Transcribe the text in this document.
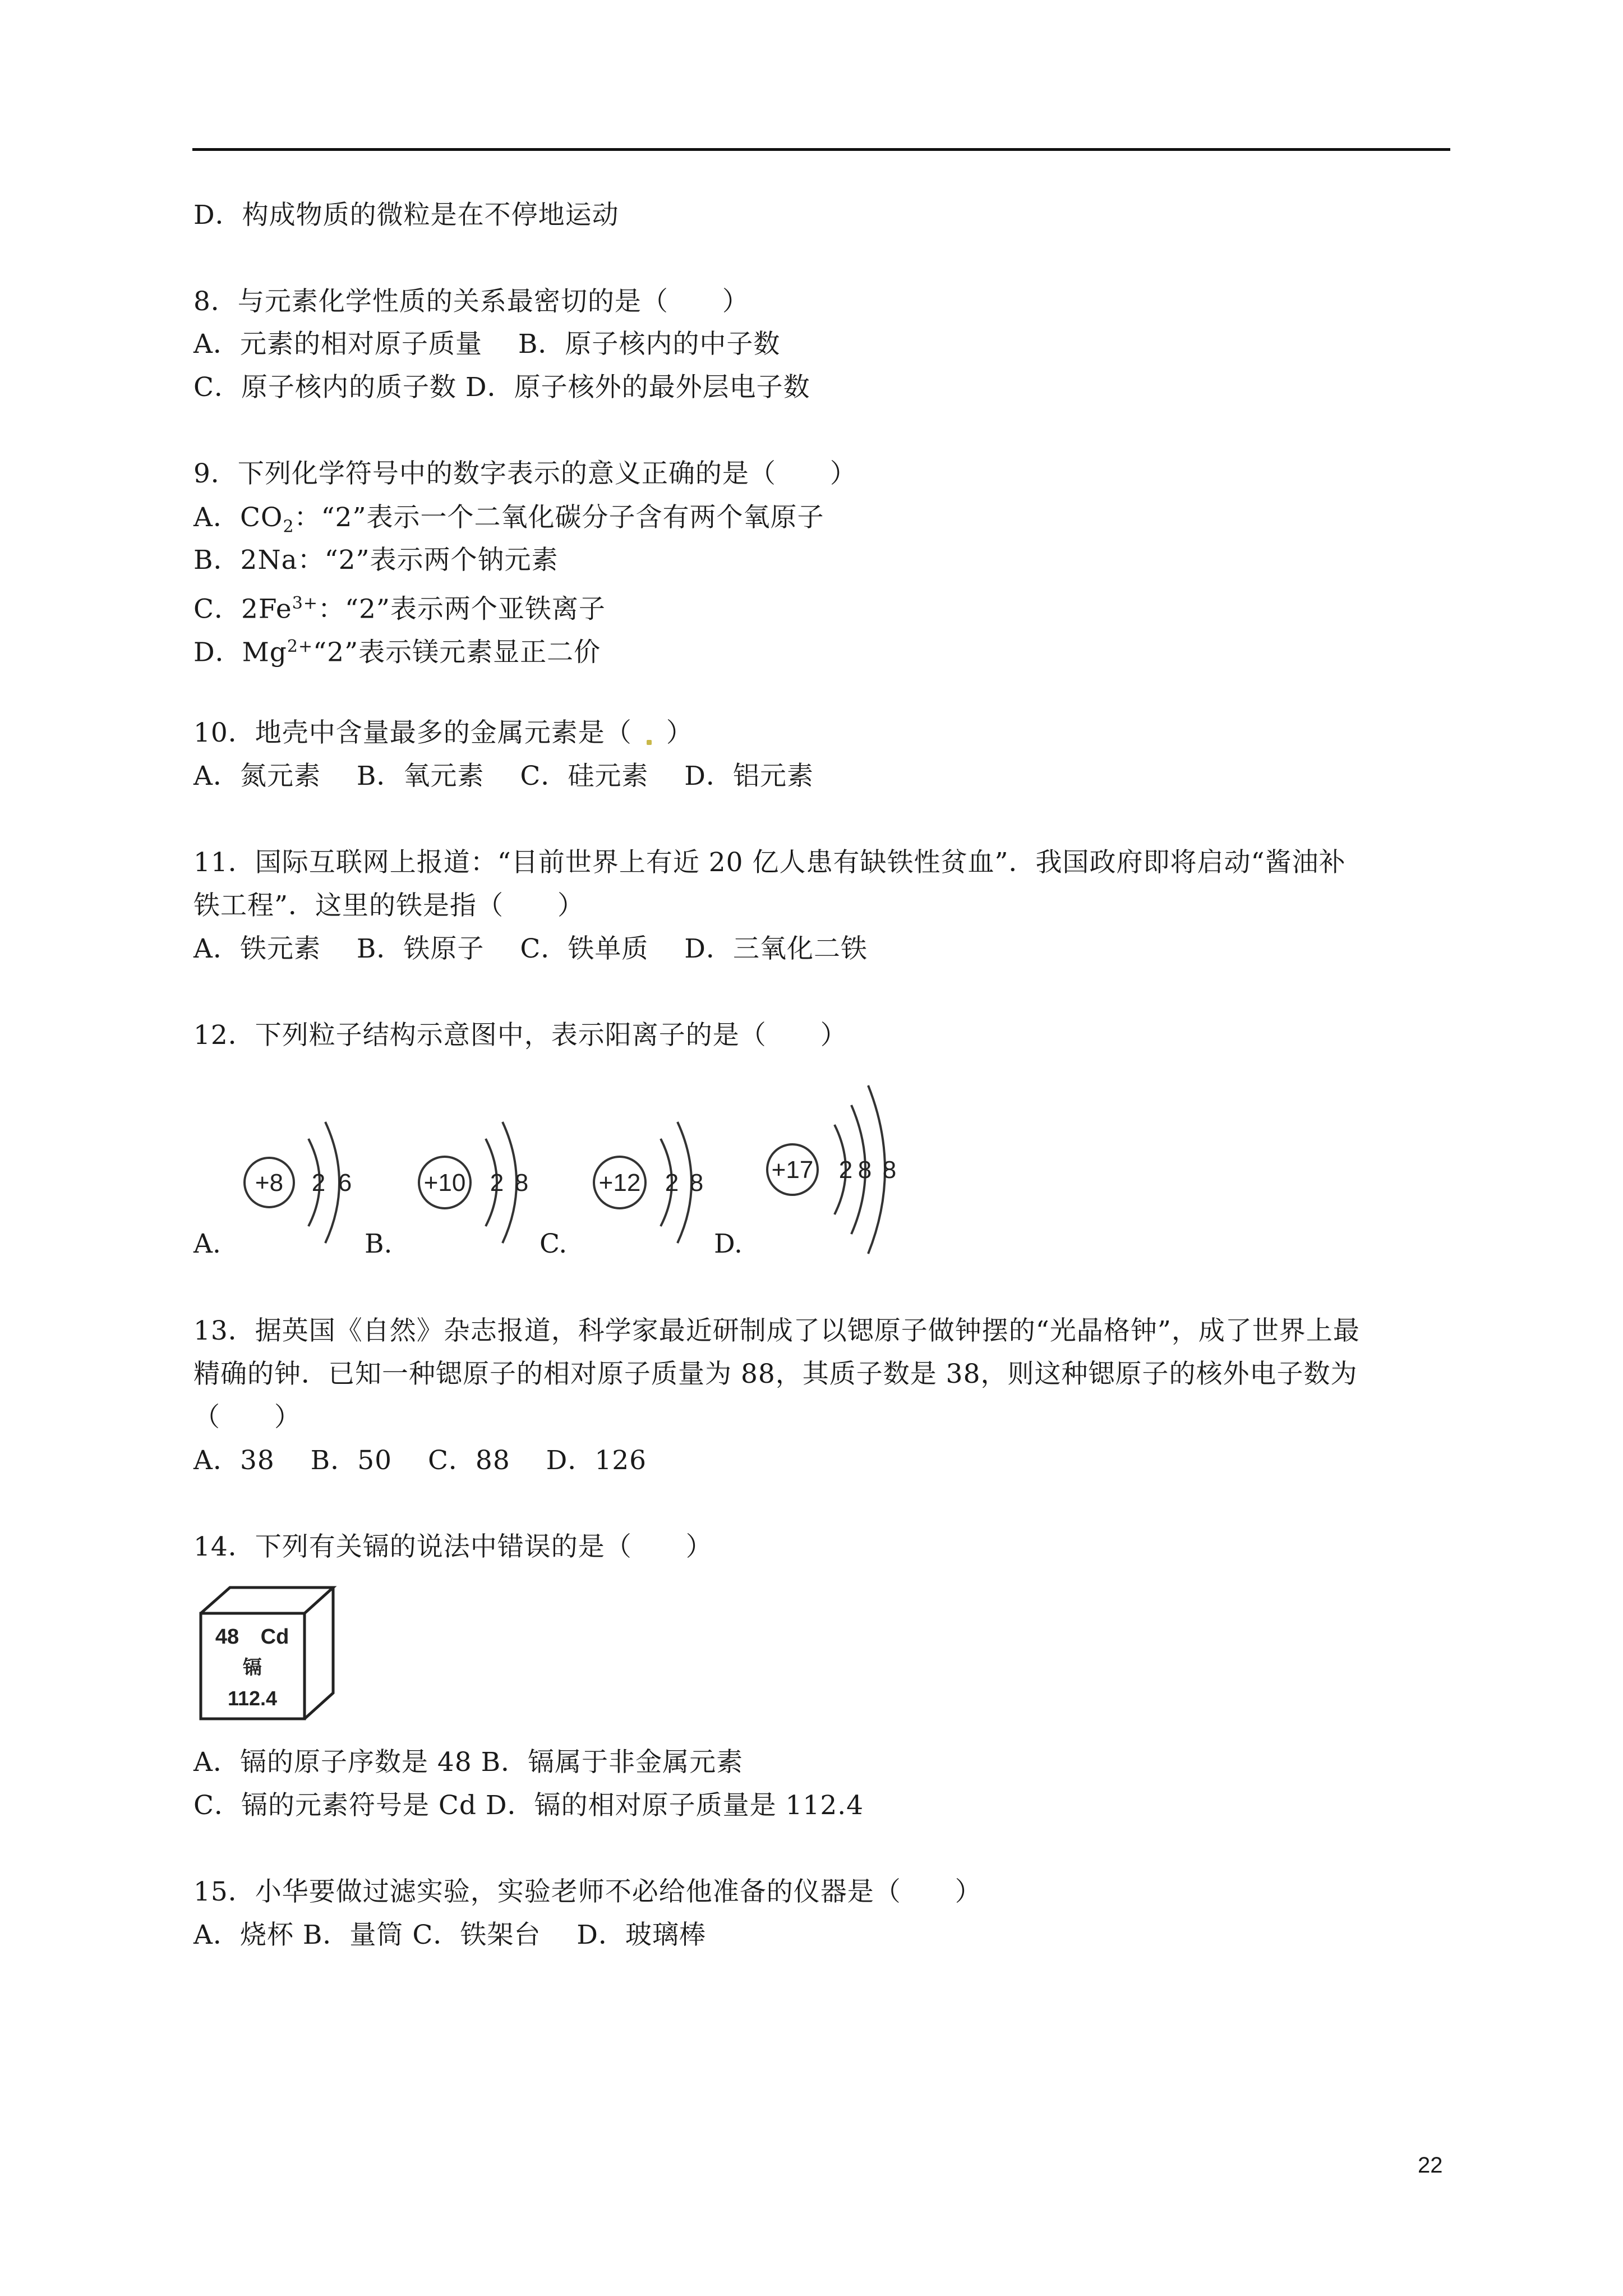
D．构成物质的微粒是在不停地运动
8．与元素化学性质的关系最密切的是（　　）
A．元素的相对原子质量　 B．原子核内的中子数
C．原子核内的质子数 D．原子核外的最外层电子数
9．下列化学符号中的数字表示的意义正确的是（　　）
A．$CO_2$：“2”表示一个二氧化碳分子含有两个氧原子
B．2Na：“2”表示两个钠元素
C．$2Fe^{3+}$：“2”表示两个亚铁离子
D．$Mg^{2+}“2$”表示镁元素显正二价
10．地壳中含量最多的金属元素是（ ）
A．氮元素　 B．氧元素　 C．硅元素　 D．铝元素
11．国际互联网上报道：“目前世界上有近 20 亿人患有缺铁性贫血”．我国政府即将启动“酱油补
铁工程”．这里的铁是指（　　）
A．铁元素　 B．铁原子　 C．铁单质　 D．三氧化二铁
12．下列粒子结构示意图中，表示阳离子的是（　　）
+8 2 6	+10 2 8	+12 2 8	+17 2 8 8
A.	B.	C.	D.
13．据英国《自然》杂志报道，科学家最近研制成了以锶原子做钟摆的“光晶格钟”，成了世界上最
精确的钟．已知一种锶原子的相对原子质量为 88，其质子数是 38，则这种锶原子的核外电子数为
（　　）
A．38　 B．50　 C．88　 D．126
14．下列有关镉的说法中错误的是（　　）
48 Cd
镉
112.4
A．镉的原子序数是 48 B．镉属于非金属元素
C．镉的元素符号是 Cd D．镉的相对原子质量是 112.4
15．小华要做过滤实验，实验老师不必给他准备的仪器是（　　）
A．烧杯 B．量筒 C．铁架台　 D．玻璃棒
22
